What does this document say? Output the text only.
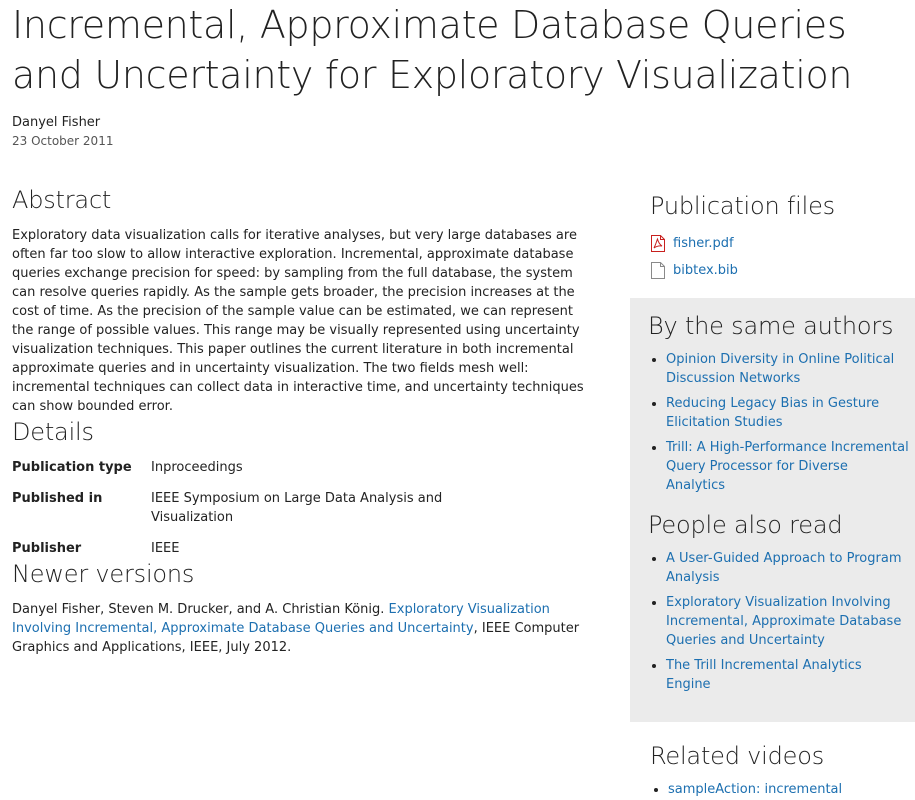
Incremental, Approximate Database Queries and Uncertainty for Exploratory Visualization
Danyel Fisher
23 October 2011
Abstract

Exploratory data visualization calls for iterative analyses, but very large databases are often far too slow to allow interactive exploration. Incremental, approximate database queries exchange precision for speed: by sampling from the full database, the system can resolve queries rapidly. As the sample gets broader, the precision increases at the cost of time. As the precision of the sample value can be estimated, we can represent the range of possible values. This range may be visually represented using uncertainty visualization techniques. This paper outlines the current literature in both incremental approximate queries and in uncertainty visualization. The two fields mesh well: incremental techniques can collect data in interactive time, and uncertainty techniques can show bounded error.

Details
Publication type	Inproceedings

Published in	IEEE Symposium on Large Data Analysis and Visualization

Publisher	IEEE
Newer versions

Danyel Fisher, Steven M. Drucker, and A. Christian König. Exploratory Visualization Involving Incremental, Approximate Database Queries and Uncertainty, IEEE Computer Graphics and Applications, IEEE, July 2012.

Publication files
fisher.pdf
bibtex.bib
By the same authors
• Opinion Diversity in Online Political Discussion Networks
• Reducing Legacy Bias in Gesture Elicitation Studies
• Trill: A High-Performance Incremental Query Processor for Diverse Analytics
People also read
• A User-Guided Approach to Program Analysis
• Exploratory Visualization Involving Incremental, Approximate Database Queries and Uncertainty
• The Trill Incremental Analytics Engine
Related videos
• sampleAction: incremental
